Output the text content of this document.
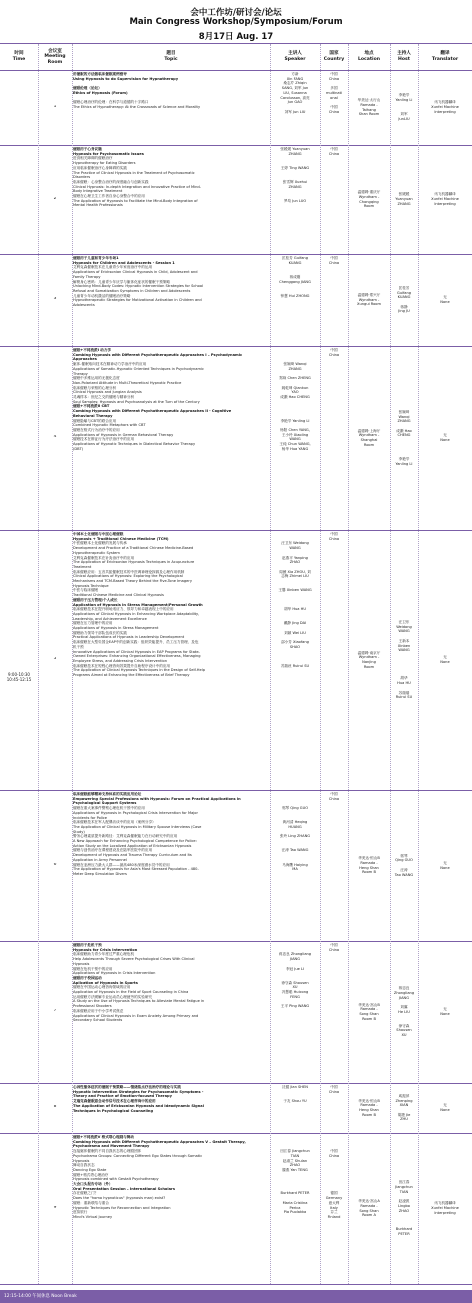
会中工作坊/研讨会/论坛
Main Congress Workshop/Symposium/Forum
8月17日 Aug. 17
时间
Time
会议室
Meeting
Room
题目
Topic
主讲人
Speaker
国家
Country
地点
Location
主持人
Host
翻译
Translator
9:00-10:30
10:45-12:15
1
用催眠的方法做临床催眠案例督导
Using Hypnosis to do Supervision for Hypnotherapy

催眠伦理（论坛）
Ethics of Hypnosis (Forum)

催眠心理治疗的伦理：在科学与道德的十字路口
The Ethics of Hypnotherapy: At the Crossroads of Science and Morality
方新
Xin FANG
桑志芹 Zhiqin
SANG, 刘军 Jun
LIU, Susanna
Carolusson, 高亮
Jun GAO

刘军 Jun LIU
中国
China

多国
multinati
onal

中国
China
华美达·太行山
Ramada -
Taihang
Shan Room
李艳苓
Yanling Li

刘军
JunLIU
讯飞机器翻译
Xunfei Machine
Interpreting
2
催眠用于心身议题
Hypnosis for Psychosomatic Issues
进食相关障碍的催眠治疗
Hypnotherapy for Eating Disorders
应用临床催眠治疗心身障碍的实践
The Practice of Clinical Hypnosis in the Treatment of Psychosomatic
Disorders
临床催眠：心身整合治疗的深度融合与创新实践
Clinical Hypnosis: In-depth Integration and Innovative Practice of Mind-
Body Integrative Treatment
催眠在心理卫生工作者自身心身整合中的应用
The Application of Hypnosis to Facilitate the Mind-Body Integration of
Mental Health Professionals
张媛媛 Yuanyuan
ZHANG

王婷 Ting WANG

张雪辉 Xuehui
ZHANG

罗均 Jun LUO
中国
China
温德姆·重庆厅
Wyndham -
Chongqing
Room
张媛媛
Yuanyuan
ZHANG
讯飞机器翻译
Xunfei Machine
Interpreting
3
催眠用于儿童和青少年专场1
Hypnosis for Children and Adolescents - Session 1
艾利克森催眠技术在儿童青少年家庭治疗中的运用
Applications of Ericksonian Clinical Hypnosis in Child, Adolescent and
Family Therapy
解锁身心密码：儿童青少年厌学与躯体化症状的催眠干预策略
Unlocking Mind-Body Codes: Hypnotic Intervention Strategies for School
Refusal and Somatization Symptoms in Children and Adolescents
儿童青少年动机激活的催眠治疗策略
Hypnotherapeutic Strategies for Motivational Activation in Children and
Adolescents
匡桂芳 Guifang
KUANG

蒋成刚
Chenggang JIANG

钟慧 Hui ZHONG
中国
China
温德姆·郑兴厅
Wyndham -
Xungui Room
匡桂芳
Guifang
KUANG

蒋静
Jing JU
无
None
4
催眠+不同流派I 动力学
Combing Hypnosis with Different Psychotherapeutic Approaches I – Psychodynamic
Approaches
躯体-催眠取向技术在精神动力学治疗中的应用
Applications of Somatic-Hypnotic Oriented Techniques in Psychodynamic
Therapy
催眠中多维运用的无极化态度
Non-Polarized Attitude in Multi-Theoretical Hypnotic Practice
临床催眠与荣格的心理分析
Clinical Hypnosis and Jungian Analysis
灵魂样本：世纪之交的催眠与精神分析
Soul Samples: Hypnosis and Psychoanalysis at the Turn of the Century
催眠+不同流派II CBT
Combing Hypnosis with Different Psychotherapeutic Approaches II - Cognitive
Behavioral Therapy
催眠隐喻与CBT的联合应用
Combined Hypnotic Metaphors with CBT
催眠在格式行为治疗中的应用
Applications of Hypnosis in German Behavioral Therapy
催眠技术在辩证行为疗法治疗中的应用
Applications of Hypnotic Techniques in Dialectical Behavior Therapy
(DBT)

张婉琦 Wanqi
ZHANG

郑琛 Chen ZHENG

姚乾坤 Qiankun
YAO
成灏 Hao CHENG

李艳苓 Yanling LI

杨阳 Chen YANG,
王小玲 Xiaoling
WANG
王纯 Chun WANG,
杨华 Hua YANG
中国
China
温德姆·上海厅
Wyndham -
Shanghai
Room
张婉琦
Wanqi
ZHANG

成灏 Hao
CHENG

李艳苓
Yanling LI
无
None
5
中国本土化催眠与中医心理催眠
Hypnosis + Traditional Chinese Medicine (TCM)
中医催眠本土化催眠的发展与传承
Development and Practice of a Traditional Chinese Medicine-Based
Hypnotherapeutic System
艾利克森催眠技术在针灸治疗中的应用
The Application of Ericksonian Hypnosis Techniques in Acupuncture
Treatment
临床催眠应用：五音共振催眠技术的中医调神理论探源及心理作用机制
Clinical Applications of Hypnosis: Exploring the Psychological
Mechanisms and TCM-Based Theory Behind the Five-Tone Imagery
Hypnosis Technique
中医与临床催眠
Traditional Chinese Medicine and Clinical Hypnosis
催眠用于压力管理/个人成长
Application of Hypnosis in Stress Management/Personal Growth
临床催眠技术在提升职场适应力、领导力和卓越表现上中的应用
Applications of Clinical Hypnosis in Enhancing Workplace Adaptability,
Leadership, and Achievement Excellence
催眠在压力管理中的应用
Applications of Hypnosis in Stress Management
催眠助力领导干部队伍成长的实践
Practical Applications of Hypnosis in Leadership Development
临床催眠在大型央国企EAP中的创新实践：组织效能提升、员工压力管理、及危
机干预
Innovative Applications of Clinical Hypnosis in EAP Programs for State-
Owned Enterprises: Enhancing Organizational Effectiveness, Managing
Employee Stress, and Addressing Crisis Intervention
临床催眠技术在短程心理咨询效果提升自助程序设计中的应用
The Application of Clinical Hypnosis Techniques in the Design of Self-Help
Programs Aimed at Enhancing the Effectiveness of Brief Therapy

汪卫东 Weidong
WANG

赵燕平 Yanping
ZHAO

周薇 Xia ZHOU, 刘
志梅 Zhimei LIU

王馨 Xinben WANG

胡华 Hua HU

戴静 Jing DAI

刘颖 Wei LIU

邵小芳 Xiaofang
SHAO

苏瑞丝 Ruirui SU
中国
China
温德姆·南京厅
Wyndham -
Nanjing
Room
汪卫东
Weidong
WANG

王新本
Xinben
WANG

胡华
Hua HU

苏瑞瑞
Ruirui SU
无
None
6
临床催眠能够精神支持体系的实践应用论坛
Empowering Special Professions with Hypnosis: Forum on Practical Applications in
Psychological Support Systems
催眠在重大案事件警察心理危机干预中的应用
Applications of Hypnosis in Psychological Crisis Intervention for Major
Incidents for Police
临床催眠技术在军人配偶访谈中的应用（案例分享）
The Application of Clinical Hypnosis in Military Spouse Interviews (Case
Study)
警务心理素质提升新路径：艾利克森催眠能力在行动研究中的应用
A New Approach for Enhancing Psychological Competence for Police:
Action Study on the Localized Application of Ericksonian Hypnosis
催眠与创伤治疗在课程建设及在陆军医院中的应用
Development of Hypnosis and Trauma Therapy Curriculum and Its
Application in Army Personnel
催眠在亚洲压力最大人群——最高480米深度潜水员中的应用
The Application of Hypnosis for Asia's Most Stressed Population - 480-
Meter Deep Simulation Divers

郭琴 Qing GUO

黄河清 Heqing
HUANG

张玲 Ling ZHANG

汪涛 Tao WANG

马海鹰 Haiying
MA
中国
China
华美达·恒山B
Ramada -
Heng Shan
Room B
郭琴
Qing GUO

汪涛
Tao WANG
无
None
7
催眠用于危机干预
Hypnosis for Crisis Intervention
临床催眠助力青少年度过严重心理危机
Help Adolescents Through Severe Psychological Crises With Clinical
Hypnosis
催眠在危机干预中的应用
Applications of Hypnosis in Crisis Intervention
催眠用于校园运动
Aplication of Hypnosis in Sports
催眠在中国运动心理咨询领域的应用
Application of Hypnosis in the Field of Sport Counseling in China
运用催眠方法缓解专业运动员心理疲劳的实验研究
A Study on the Use of Hypnosis Techniques to Alleviate Mental Fatigue in
Professional Shooters
临床催眠应用于中小学考试焦虑
Applications of Clinical Hypnosis in Exam Anxiety Among Primary and
Secondary School Students

蒋忠良 Zhongliang
JIANG

李冠 Jue LI

徐守森 Shousen
XU
冯慧聪 Huicong
FENG

王平 Ping WANG
中国
China
华美达·嵩山B
Ramada -
Song Shan
Room B
蒋忠良
Zhongliang
JIANG

刘翼
He LIU

徐守森
Shousen
XU
无
None
8
心因性躯体症状的催眠干预策略——情绪焦点疗法治疗的理论与实践
Hypnotic Intervention Strategies for Psychosomatic Symptoms -
Theory and Practice of Emotion-focused Therapy
艾瑞克森催眠意念动作信号技术在心理咨询中的应用
The Application of Ericksonian Hypnosis and Ideodynamic Signal
Techniques in Psychological Counseling
沈健 Jian SHEN

于友 Shou YU
中国
China
华美达·恒山B
Ramada -
Heng Shan
Room B
咸振萍
Zhenping
XIAN

胡捷 Jie
ZHU
无
None
9
催眠+不同流派V 格式塔心理剧与舞动
Combing Hypnosis with Different Psychotherapeutic Approaches V – Gestalt Therapy,
Psychodrama and Movement Therapy
连接躯体催眠的不同自我状态的心理剧团体
Psychodrama Groups: Connecting Different Ego States through Somatic
Hypnosis
舞动自我状态
Dancing Ego State
催眠+格式塔心理治疗
Hypnosis combined with Gestalt Psychotherapy
大会口头报告专场（外）
Oral Presentation Session – International Scholars
存在催眠之门？
Does the "homo hypnoticus" (hypnosis man) exist?
催眠：重新联结与重合
Hypnotic Techniques for Reconnection and Integration
虚拟旅行
Mind's Virtual Journey

田江春 Jiangchun
TIAN
赵淑兰 Shulan
ZHAO
滕燕 Yan TENG

Burkhard PETER

Maria Cristina
Perica
Pia Puolakka

中国
China

德国
Germany
意大利
Italy
芬兰
Finland
华美达·嵩山A
Ramada -
Song Shan
Room A
田江春
Jiangchun
TIAN

赵凌波
Lingbo
ZHAO

Burkhard
PETER
讯飞机器翻译
Xunfei Machine
Interpreting
12:15-14:00 午间休息 Noon Break
